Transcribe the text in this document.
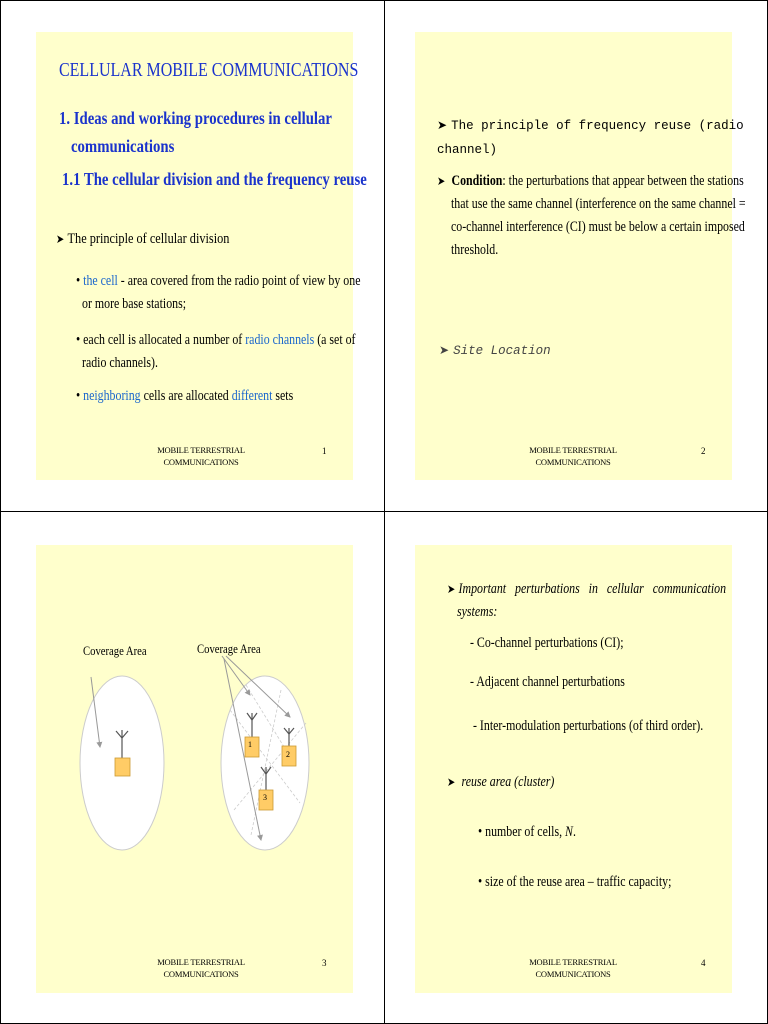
CELLULAR MOBILE COMMUNICATIONS
1. Ideas and working procedures in cellular
communications
1.1 The cellular division and the frequency reuse
➤ The principle of cellular division
• the cell - area covered from the radio point of view by one
or more base stations;
• each cell is allocated a number of radio channels (a set of
radio channels).
• neighboring cells are allocated different sets
MOBILE TERRESTRIAL
COMMUNICATIONS
1
➤ The principle of frequency reuse (radio
channel)
➤ Condition: the perturbations that appear between the stations
that use the same channel (interference on the same channel =
co-channel interference (CI) must be below a certain imposed
threshold.
➤ Site Location
MOBILE TERRESTRIAL
COMMUNICATIONS
2
Coverage Area	Coverage Area
1
2
3
MOBILE TERRESTRIAL
COMMUNICATIONS
3
➤ Important   perturbations   in   cellular   communication
systems:
- Co-channel perturbations (CI);
- Adjacent channel perturbations
- Inter-modulation perturbations (of third order).
➤ reuse area (cluster)
• number of cells, N.
• size of the reuse area – traffic capacity;
MOBILE TERRESTRIAL
COMMUNICATIONS
4
